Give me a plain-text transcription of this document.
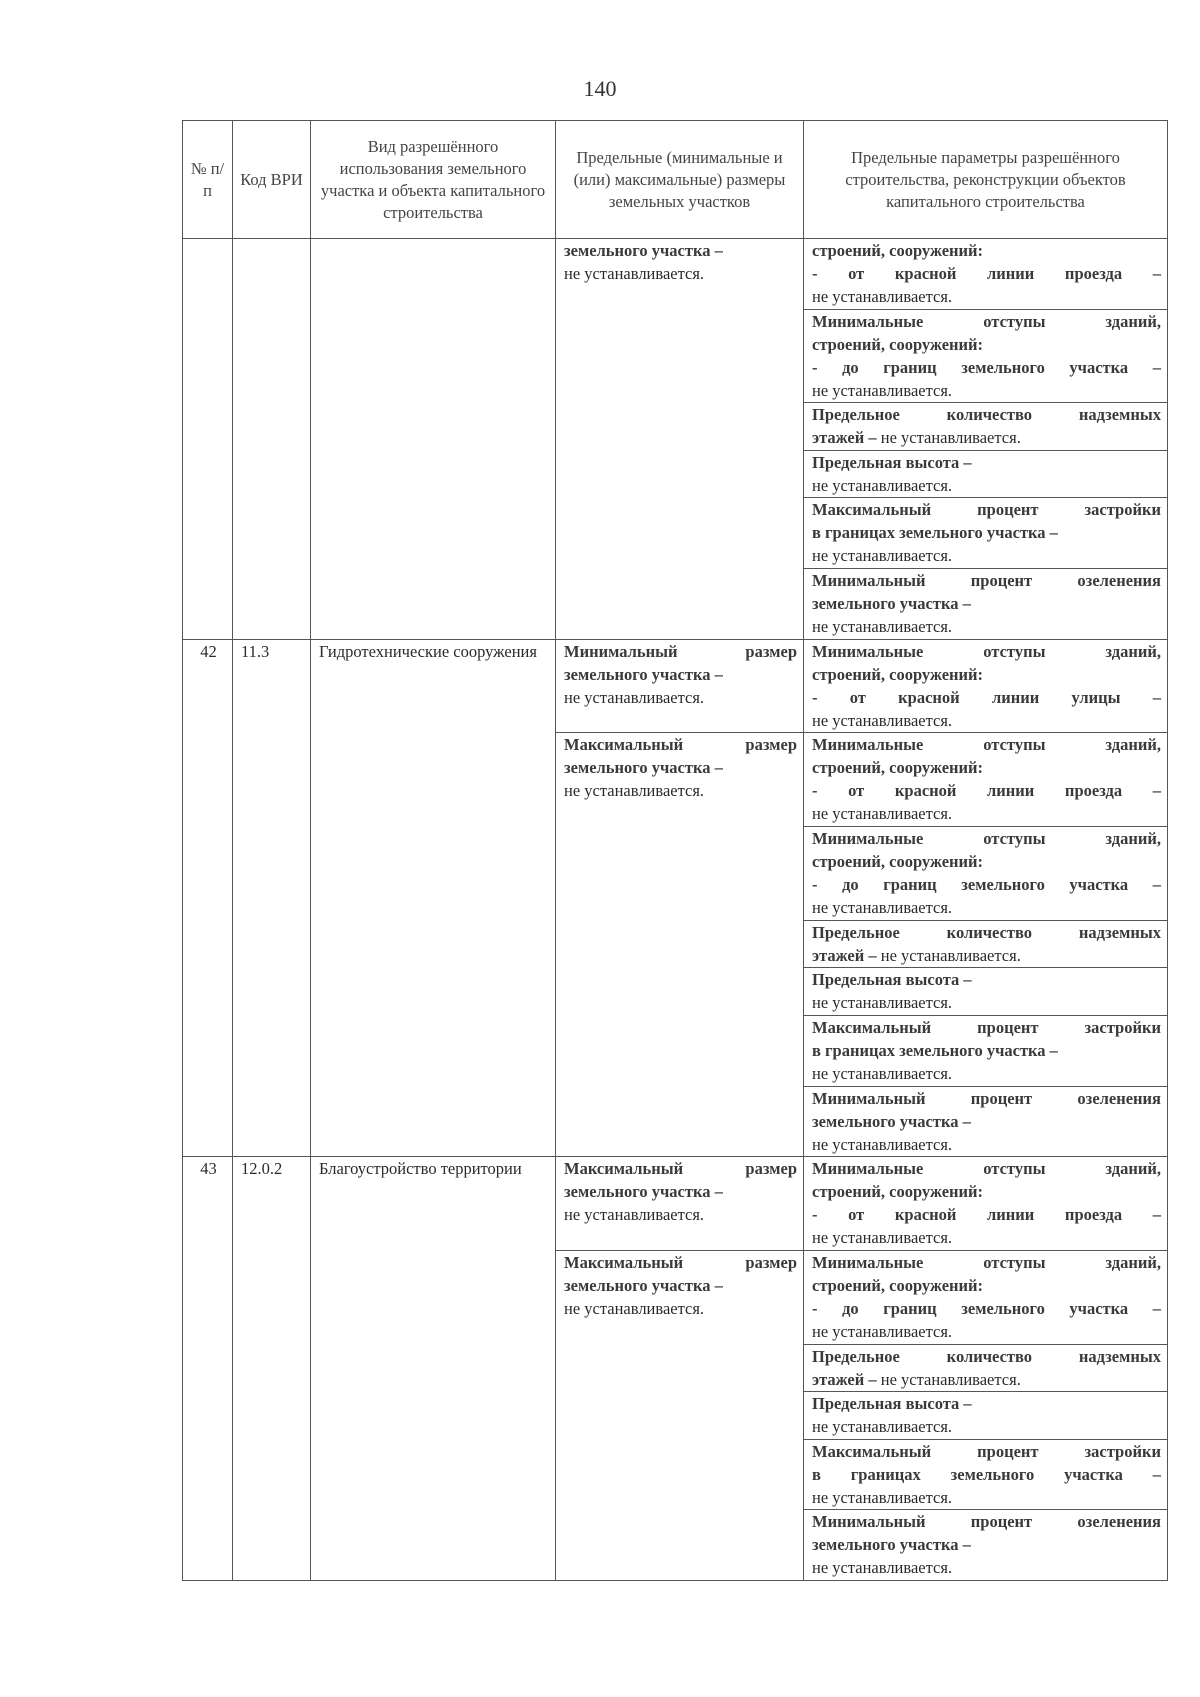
140
№ п/п	Код ВРИ	Вид разрешённого использования земельного участка и объекта капитального строительства	Предельные (минимальные и (или) максимальные) размеры земельных участков	Предельные параметры разрешённого строительства, реконструкции объектов капитального строительства

			земельного участка –
не устанавливается.	строений, сооружений:
- от красной линии проезда –
не устанавливается.

				Минимальные отступы зданий,
строений, сооружений:
- до границ земельного участка –
не устанавливается.

				Предельное количество надземных
этажей – не устанавливается.

				Предельная высота –
не устанавливается.

				Максимальный процент застройки
в границах земельного участка –
не устанавливается.

				Минимальный процент озеленения
земельного участка –
не устанавливается.

42	11.3	Гидротехнические сооружения	Минимальный размер
земельного участка –
не устанавливается.	Минимальные отступы зданий,
строений, сооружений:
- от красной линии улицы –
не устанавливается.

			Максимальный размер
земельного участка –
не устанавливается.	Минимальные отступы зданий,
строений, сооружений:
- от красной линии проезда –
не устанавливается.

				Минимальные отступы зданий,
строений, сооружений:
- до границ земельного участка –
не устанавливается.

				Предельное количество надземных
этажей – не устанавливается.

				Предельная высота –
не устанавливается.

				Максимальный процент застройки
в границах земельного участка –
не устанавливается.

				Минимальный процент озеленения
земельного участка –
не устанавливается.

43	12.0.2	Благоустройство территории	Максимальный размер
земельного участка –
не устанавливается.	Минимальные отступы зданий,
строений, сооружений:
- от красной линии проезда –
не устанавливается.

			Максимальный размер
земельного участка –
не устанавливается.	Минимальные отступы зданий,
строений, сооружений:
- до границ земельного участка –
не устанавливается.

				Предельное количество надземных
этажей – не устанавливается.

				Предельная высота –
не устанавливается.

				Максимальный процент застройки
в границах земельного участка –
не устанавливается.

				Минимальный процент озеленения
земельного участка –
не устанавливается.
